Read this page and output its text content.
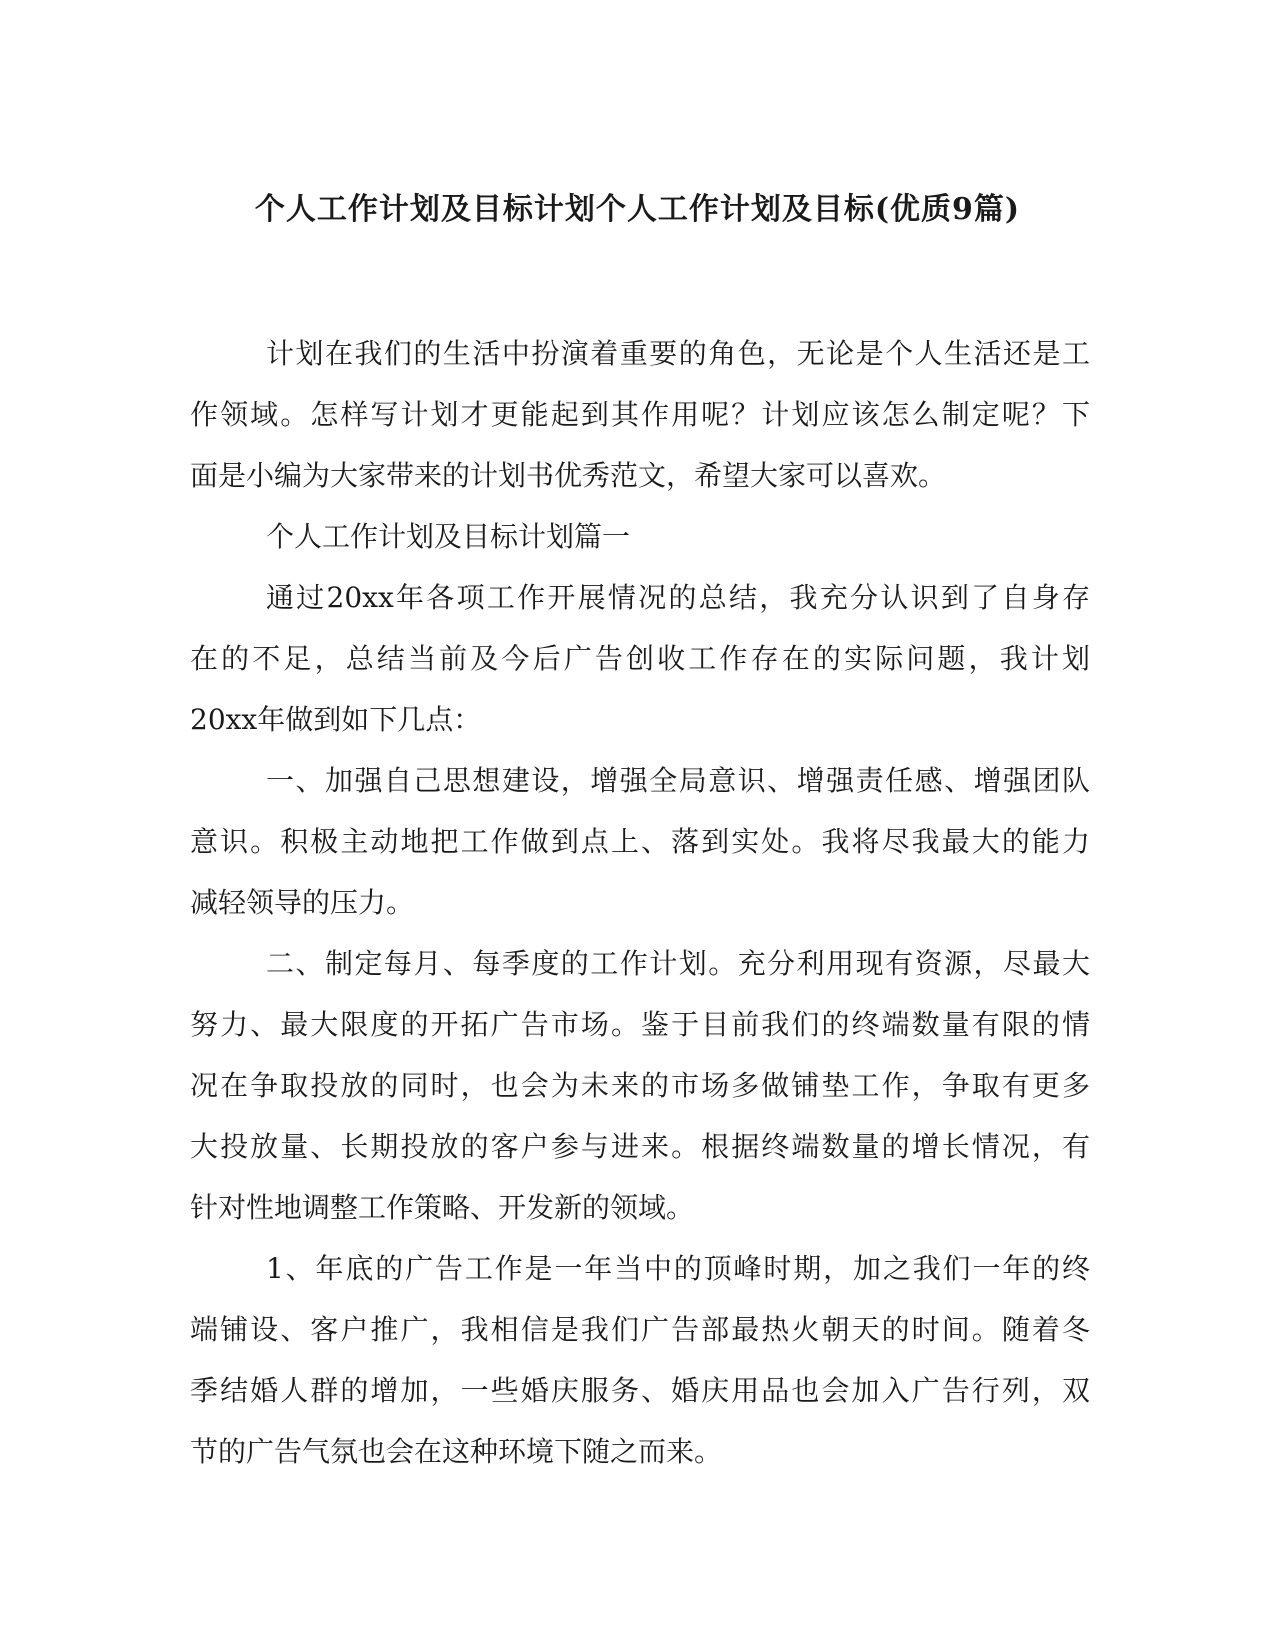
个人工作计划及目标计划个人工作计划及目标(优质9篇)
计划在我们的生活中扮演着重要的角色，无论是个人生活还是工
作领域。怎样写计划才更能起到其作用呢？计划应该怎么制定呢？下
面是小编为大家带来的计划书优秀范文，希望大家可以喜欢。
个人工作计划及目标计划篇一
通过20xx年各项工作开展情况的总结，我充分认识到了自身存
在的不足，总结当前及今后广告创收工作存在的实际问题，我计划
20xx年做到如下几点：
一、加强自己思想建设，增强全局意识、增强责任感、增强团队
意识。积极主动地把工作做到点上、落到实处。我将尽我最大的能力
减轻领导的压力。
二、制定每月、每季度的工作计划。充分利用现有资源，尽最大
努力、最大限度的开拓广告市场。鉴于目前我们的终端数量有限的情
况在争取投放的同时，也会为未来的市场多做铺垫工作，争取有更多
大投放量、长期投放的客户参与进来。根据终端数量的增长情况，有
针对性地调整工作策略、开发新的领域。
1、年底的广告工作是一年当中的顶峰时期，加之我们一年的终
端铺设、客户推广，我相信是我们广告部最热火朝天的时间。随着冬
季结婚人群的增加，一些婚庆服务、婚庆用品也会加入广告行列，双
节的广告气氛也会在这种环境下随之而来。
